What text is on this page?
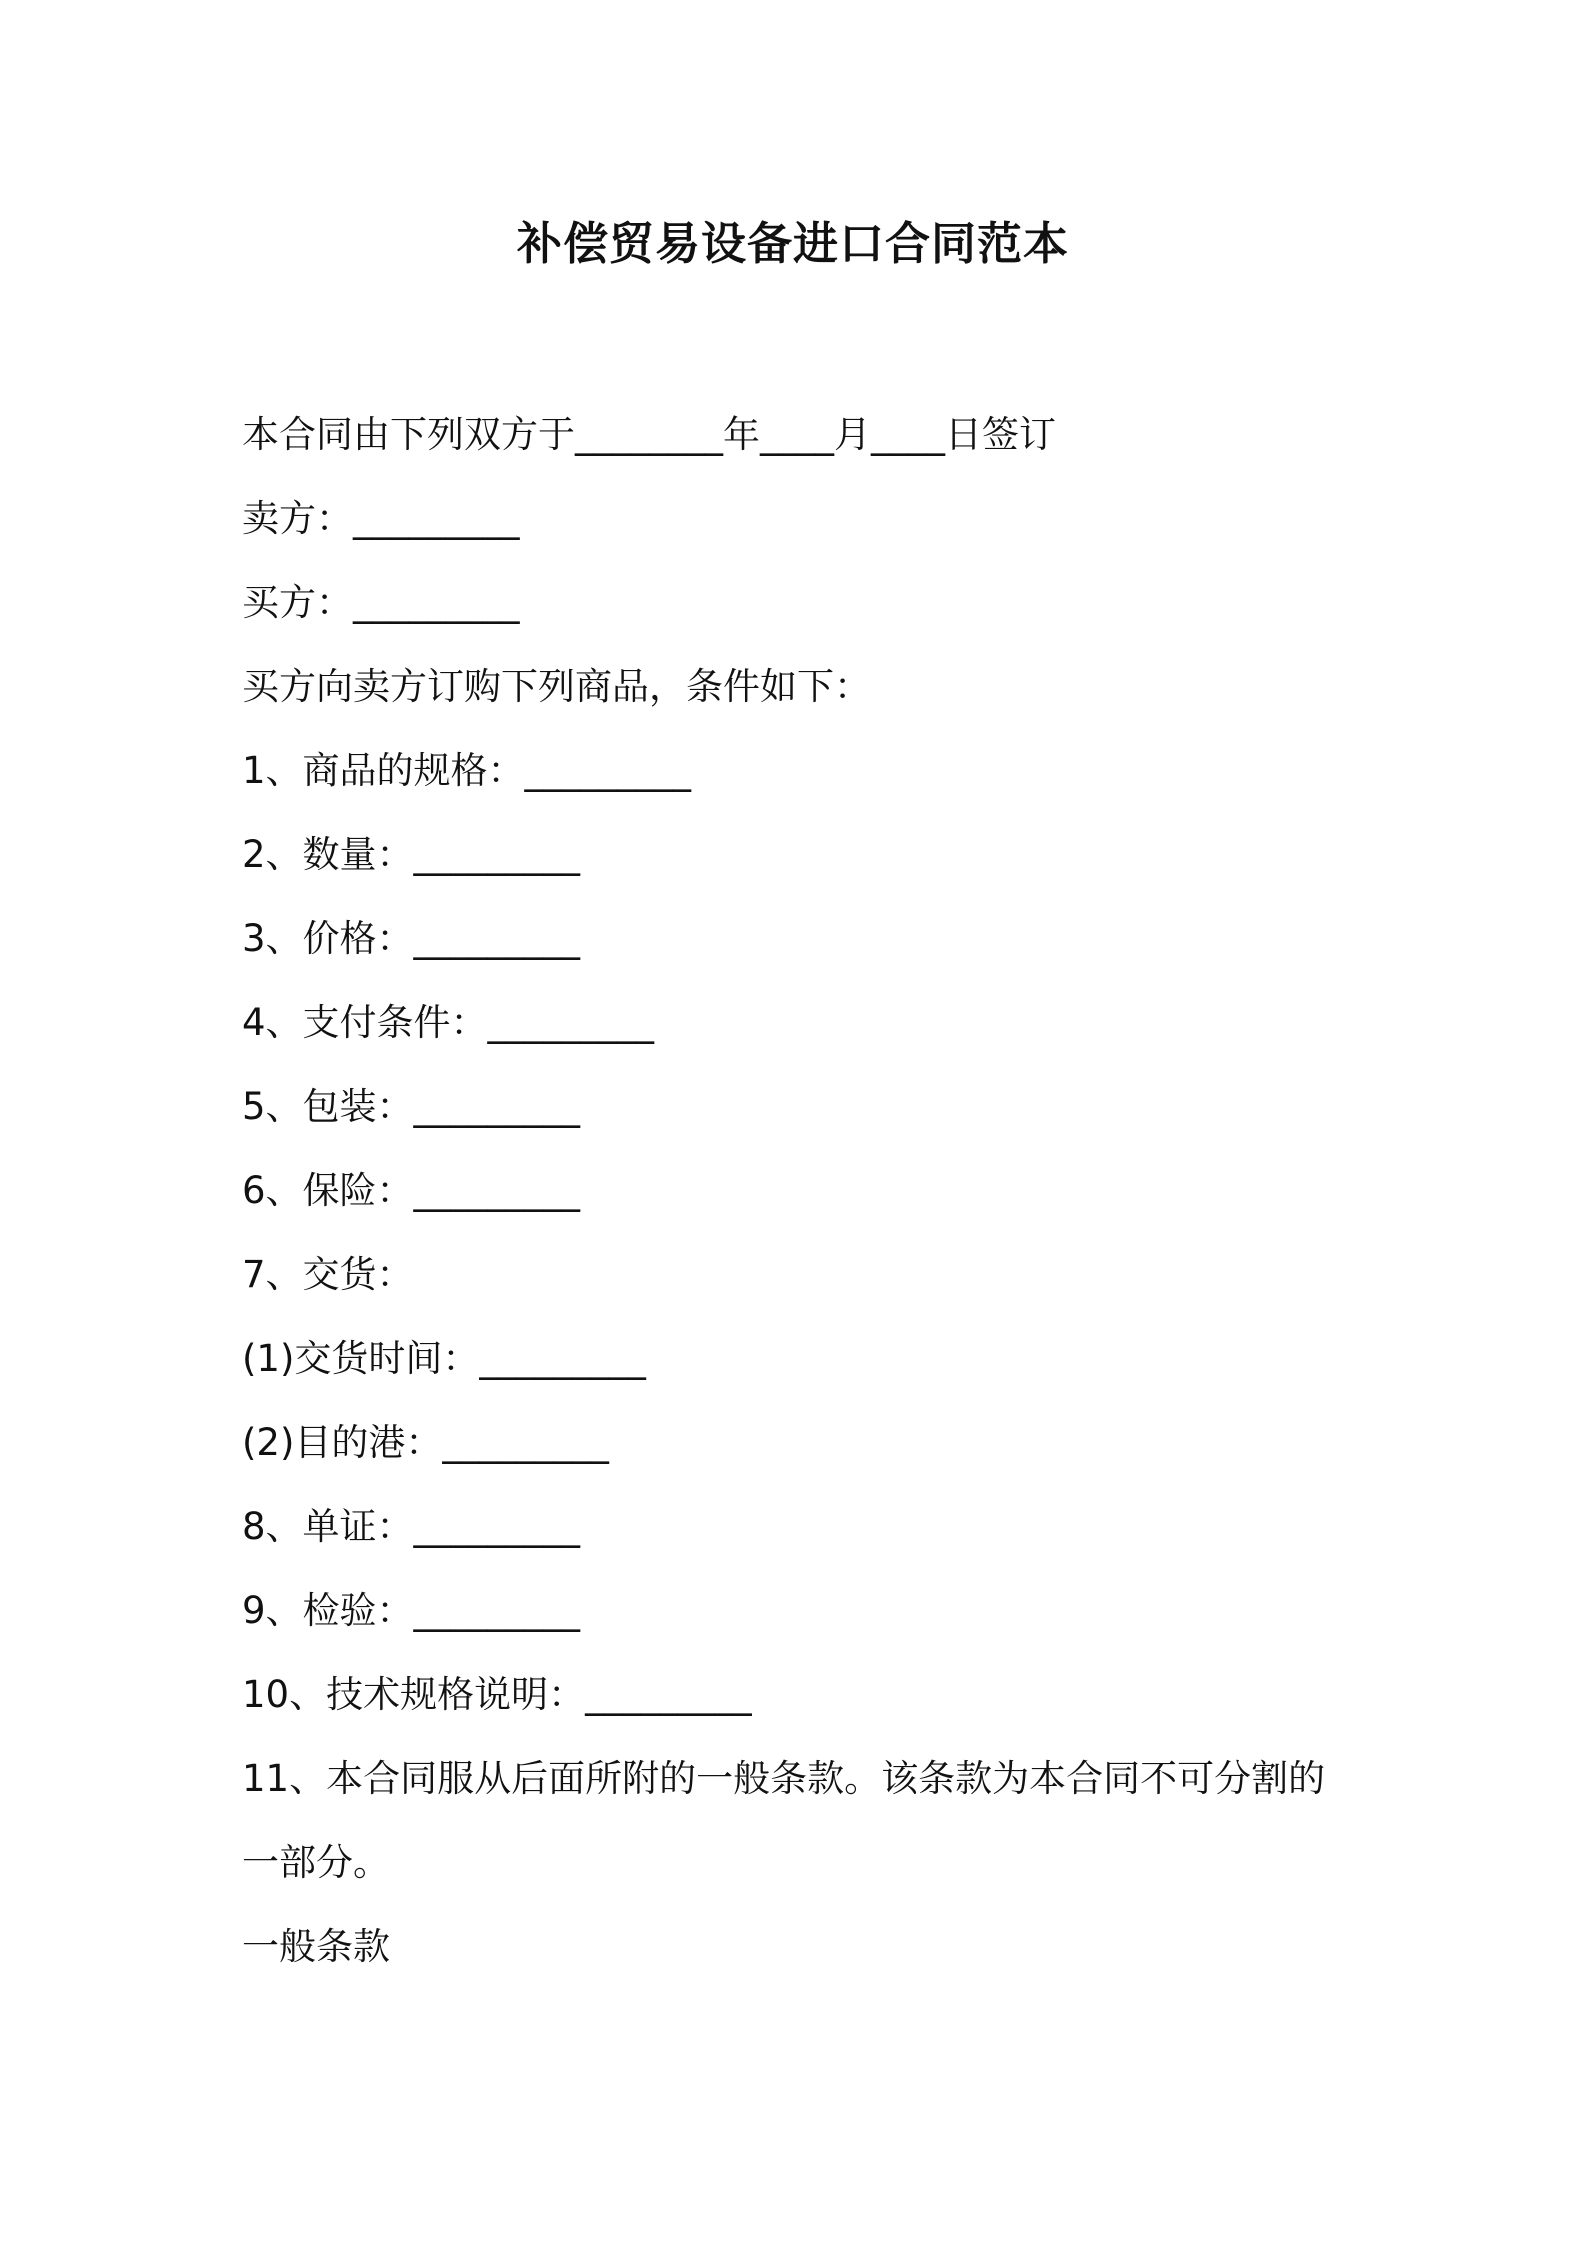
补偿贸易设备进口合同范本
本合同由下列双方于________年____月____日签订
卖方：_________
买方：_________
买方向卖方订购下列商品，条件如下：
1、商品的规格：_________
2、数量：_________
3、价格：_________
4、支付条件：_________
5、包装：_________
6、保险：_________
7、交货：
(1)交货时间：_________
(2)目的港：_________
8、单证：_________
9、检验：_________
10、技术规格说明：_________
11、本合同服从后面所附的一般条款。该条款为本合同不可分割的一部分。
一般条款
